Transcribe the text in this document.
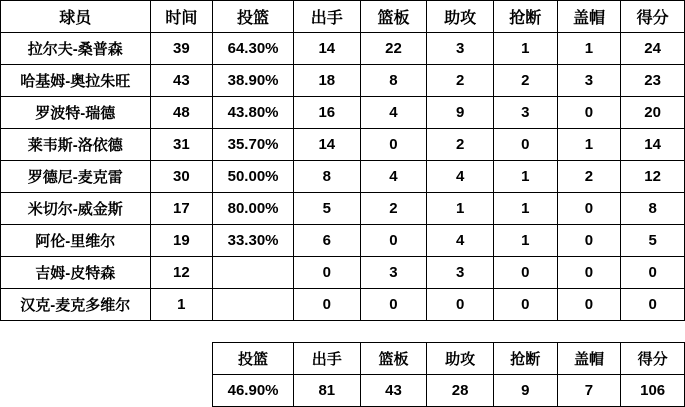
球员	时间	投篮	出手	篮板	助攻	抢断	盖帽	得分
拉尔夫-桑普森	39	64.30%	14	22	3	1	1	24
哈基姆-奥拉朱旺	43	38.90%	18	8	2	2	3	23
罗波特-瑞德	48	43.80%	16	4	9	3	0	20
莱韦斯-洛依德	31	35.70%	14	0	2	0	1	14
罗德尼-麦克雷	30	50.00%	8	4	4	1	2	12
米切尔-威金斯	17	80.00%	5	2	1	1	0	8
阿伦-里维尔	19	33.30%	6	0	4	1	0	5
吉姆-皮特森	12		0	3	3	0	0	0
汉克-麦克多维尔	1		0	0	0	0	0	0

		投篮	出手	篮板	助攻	抢断	盖帽	得分
		46.90%	81	43	28	9	7	106
